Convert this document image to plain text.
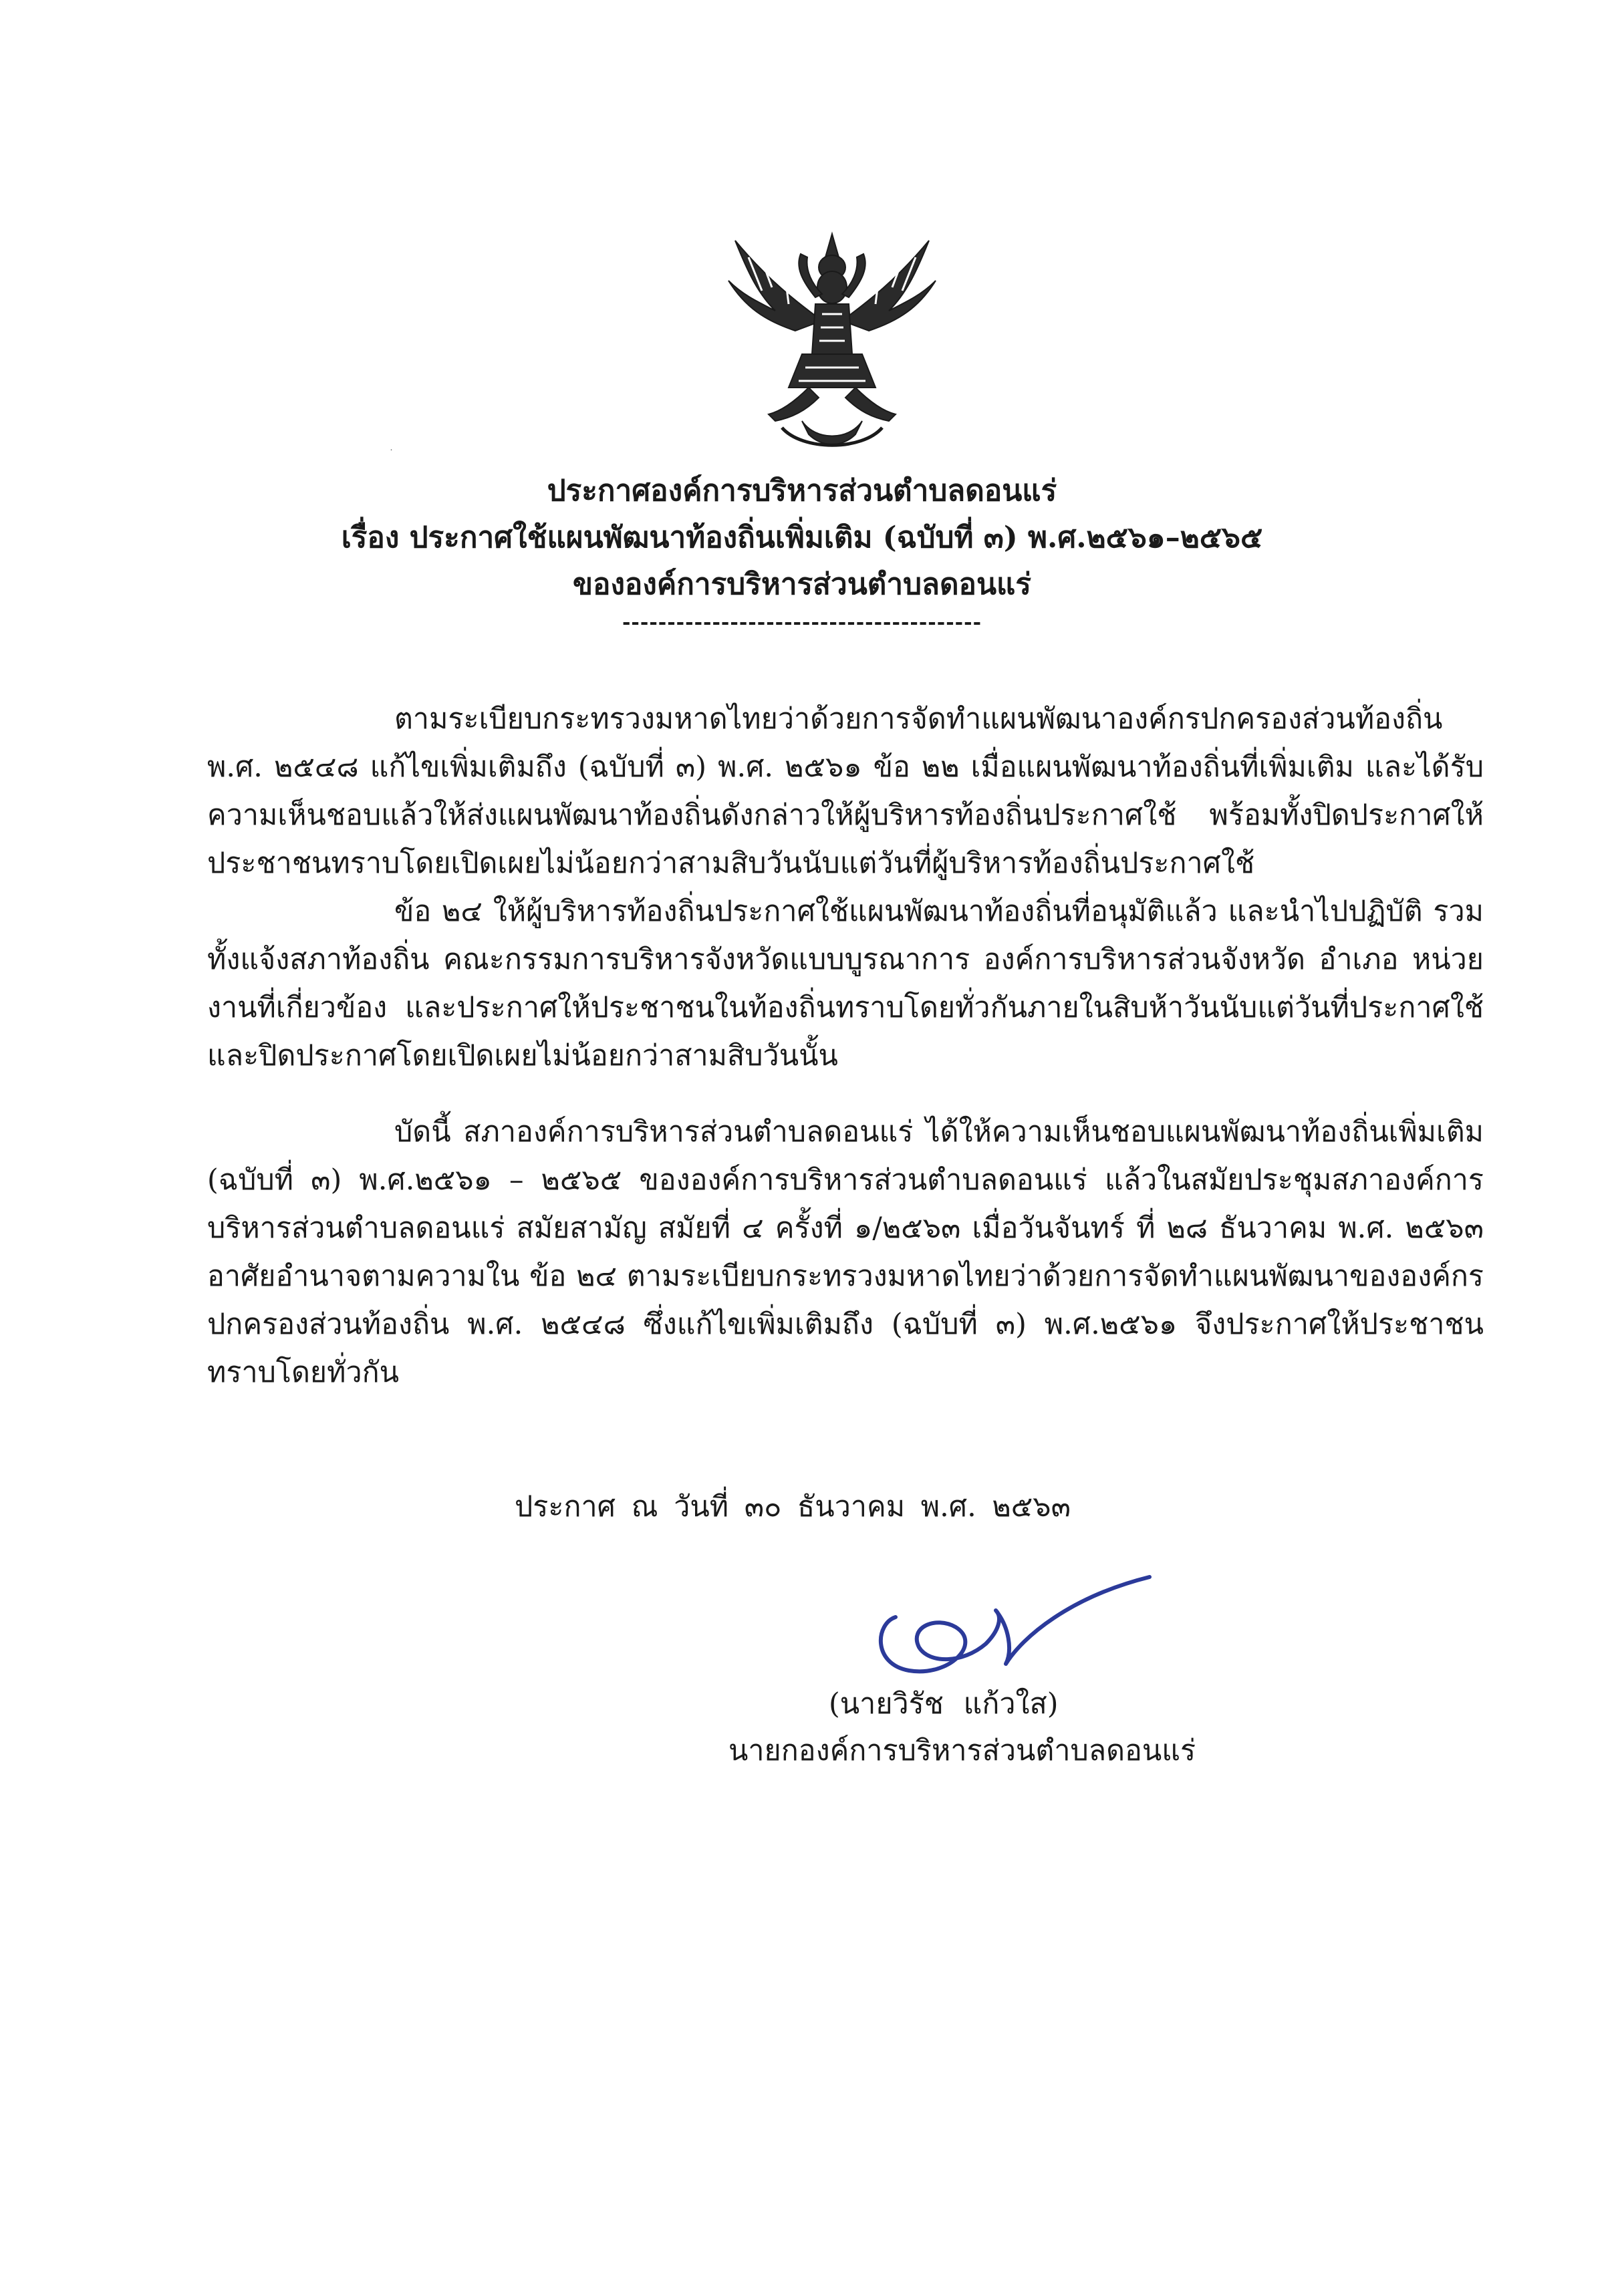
˙
ประกาศองค์การบริหารส่วนตำบลดอนแร่
เรื่อง ประกาศใช้แผนพัฒนาท้องถิ่นเพิ่มเติม (ฉบับที่ ๓) พ.ศ.๒๕๖๑–๒๕๖๕
ขององค์การบริหารส่วนตำบลดอนแร่
----------------------------------------

ตามระเบียบกระทรวงมหาดไทยว่าด้วยการจัดทำแผนพัฒนาองค์กรปกครองส่วนท้องถิ่น พ.ศ. ๒๕๔๘ แก้ไขเพิ่มเติมถึง (ฉบับที่ ๓) พ.ศ. ๒๕๖๑ ข้อ ๒๒ เมื่อแผนพัฒนาท้องถิ่นที่เพิ่มเติม และได้รับความเห็นชอบแล้วให้ส่งแผนพัฒนาท้องถิ่นดังกล่าวให้ผู้บริหารท้องถิ่นประกาศใช้ พร้อมทั้งปิดประกาศให้ประชาชนทราบโดยเปิดเผยไม่น้อยกว่าสามสิบวันนับแต่วันที่ผู้บริหารท้องถิ่นประกาศใช้

ข้อ ๒๔ ให้ผู้บริหารท้องถิ่นประกาศใช้แผนพัฒนาท้องถิ่นที่อนุมัติแล้ว และนำไปปฏิบัติ รวมทั้งแจ้งสภาท้องถิ่น คณะกรรมการบริหารจังหวัดแบบบูรณาการ องค์การบริหารส่วนจังหวัด อำเภอ หน่วยงานที่เกี่ยวข้อง และประกาศให้ประชาชนในท้องถิ่นทราบโดยทั่วกันภายในสิบห้าวันนับแต่วันที่ประกาศใช้และปิดประกาศโดยเปิดเผยไม่น้อยกว่าสามสิบวันนั้น

บัดนี้ สภาองค์การบริหารส่วนตำบลดอนแร่ ได้ให้ความเห็นชอบแผนพัฒนาท้องถิ่นเพิ่มเติม (ฉบับที่ ๓) พ.ศ.๒๕๖๑ – ๒๕๖๕ ขององค์การบริหารส่วนตำบลดอนแร่ แล้วในสมัยประชุมสภาองค์การบริหารส่วนตำบลดอนแร่ สมัยสามัญ สมัยที่ ๔ ครั้งที่ ๑/๒๕๖๓ เมื่อวันจันทร์ ที่ ๒๘ ธันวาคม พ.ศ. ๒๕๖๓ อาศัยอำนาจตามความใน ข้อ ๒๔ ตามระเบียบกระทรวงมหาดไทยว่าด้วยการจัดทำแผนพัฒนาขององค์กรปกครองส่วนท้องถิ่น พ.ศ. ๒๕๔๘ ซึ่งแก้ไขเพิ่มเติมถึง (ฉบับที่ ๓) พ.ศ.๒๕๖๑ จึงประกาศให้ประชาชนทราบโดยทั่วกัน

ประกาศ ณ วันที่ ๓๐ ธันวาคม พ.ศ. ๒๕๖๓
(นายวิรัช แก้วใส)
นายกองค์การบริหารส่วนตำบลดอนแร่
